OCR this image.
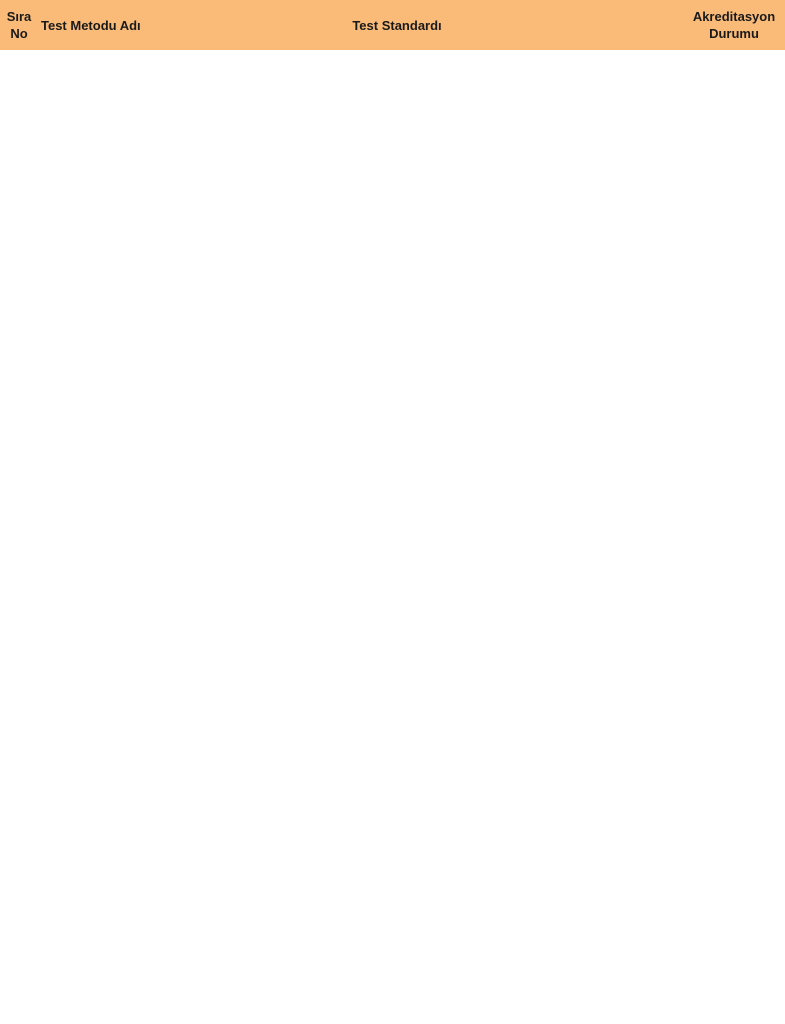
Sıra
No
Test Metodu Adı	Test Standardı
Akreditasyon
Durumu
